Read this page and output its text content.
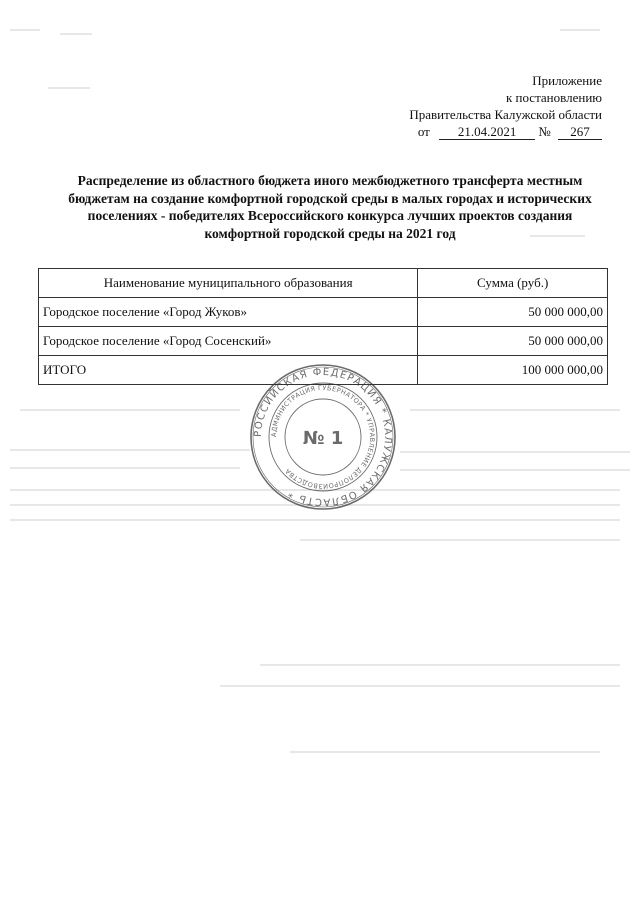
Приложение
к постановлению
Правительства Калужской области
от 21.04.2021 № 267
Распределение из областного бюджета иного межбюджетного трансферта местным бюджетам на создание комфортной городской среды в малых городах и исторических поселениях - победителях Всероссийского конкурса лучших проектов создания комфортной городской среды на 2021 год
Наименование муниципального образования	Сумма (руб.)
Городское поселение «Город Жуков»	50 000 000,00
Городское поселение «Город Сосенский»	50 000 000,00
ИТОГО	100 000 000,00
РОССИЙСКАЯ ФЕДЕРАЦИЯ * КАЛУЖСКАЯ ОБЛАСТЬ *
АДМИНИСТРАЦИЯ ГУБЕРНАТОРА * УПРАВЛЕНИЕ ДЕЛОПРОИЗВОДСТВА
№ 1
